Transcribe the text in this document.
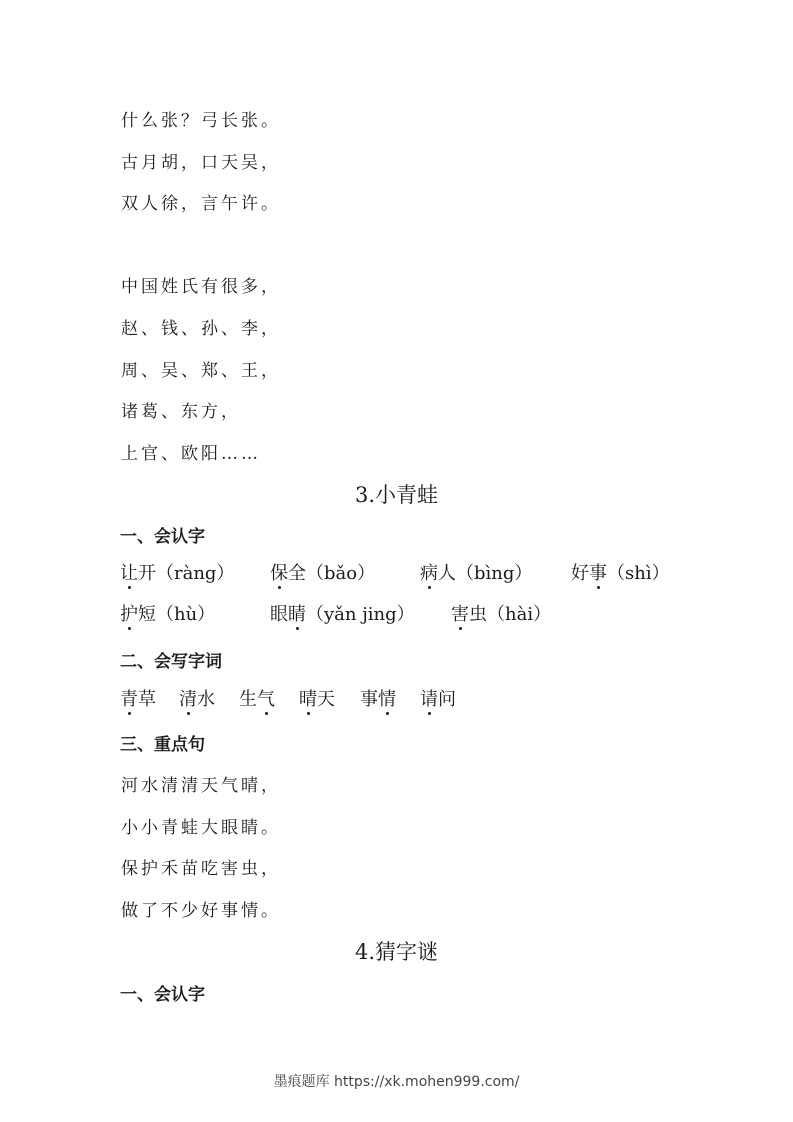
什么张？弓长张。
古月胡，口天吴，
双人徐，言午许。
中国姓氏有很多，
赵、钱、孙、李，
周、吴、郑、王，
诸葛、东方，
上官、欧阳……
3.小青蛙
一、会认字
让开（ràng） 保全（bǎo） 病人（bìng） 好事（shì）
护短（hù）	眼睛（yǎn jing） 害虫（hài）
二、会写字词
青草 清水 生气 晴天 事情 请问
三、重点句
河水清清天气晴，
小小青蛙大眼睛。
保护禾苗吃害虫，
做了不少好事情。
4.猜字谜
一、会认字
墨痕题库 https://xk.mohen999.com/
